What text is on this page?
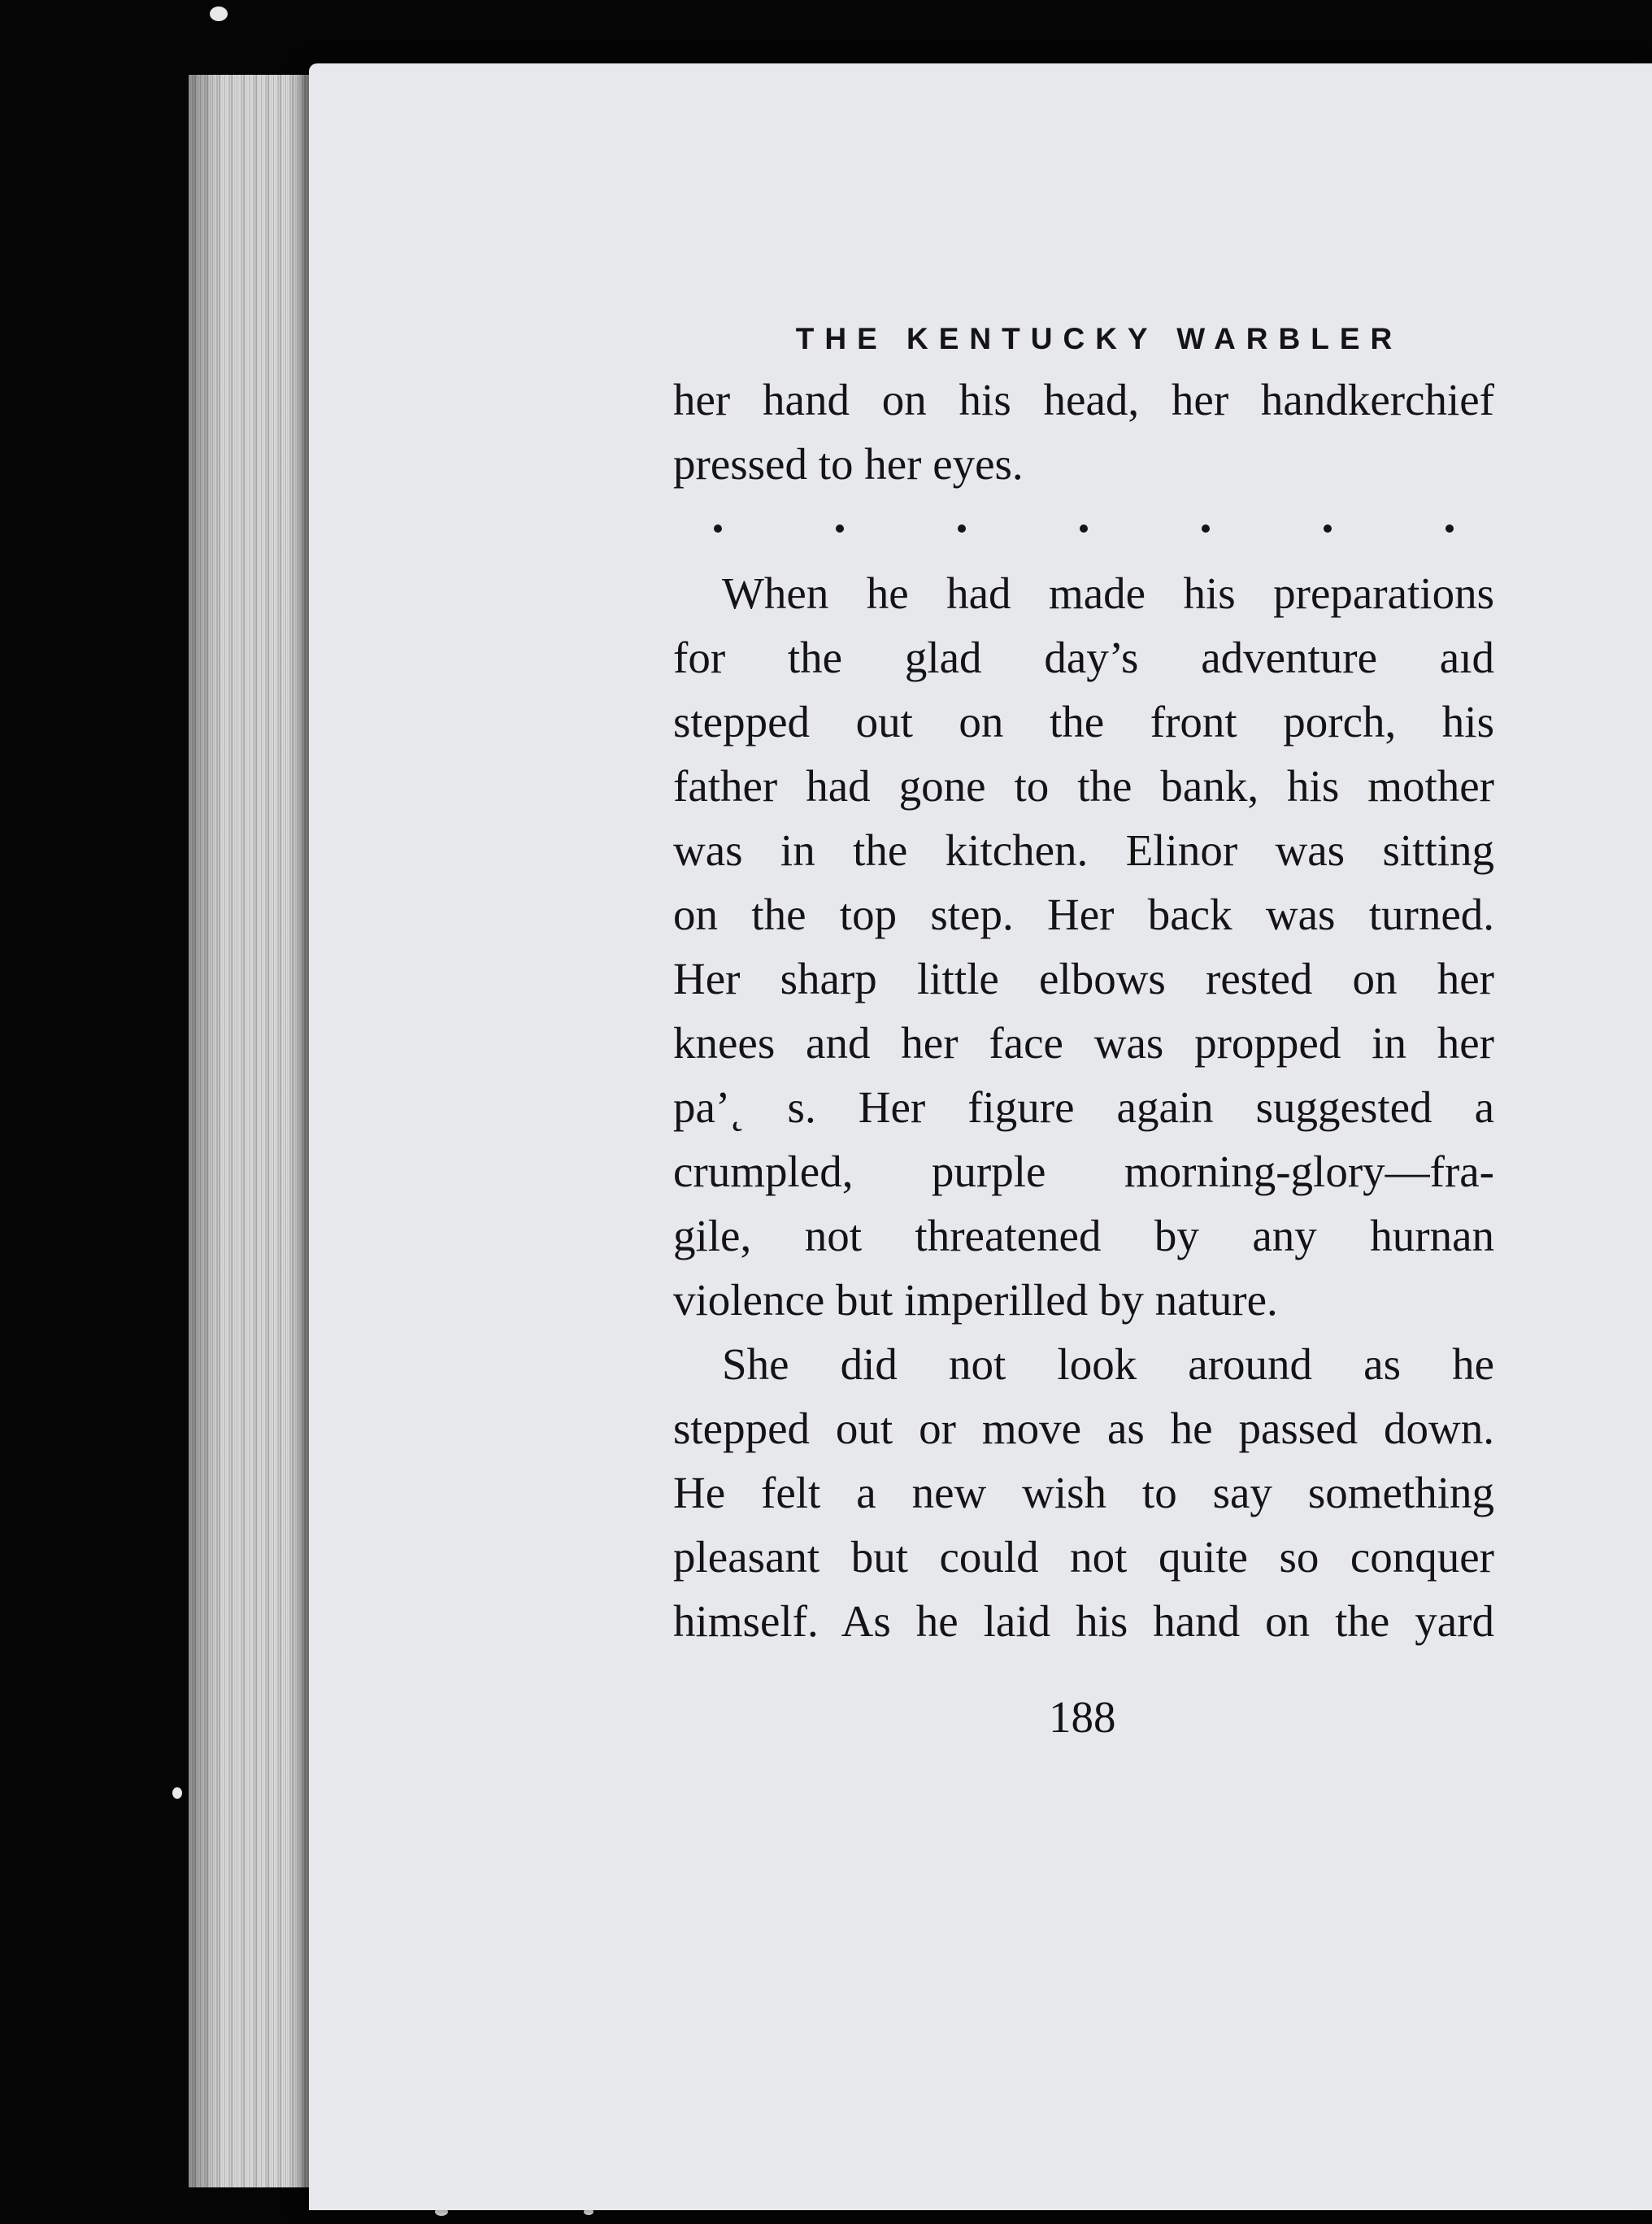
THE KENTUCKY WARBLER

her hand on his head, her handkerchief
pressed to her eyes.

When he had made his preparations
for the glad day’s adventure aıd
stepped out on the front porch, his
father had gone to the bank, his mother
was in the kitchen. Elinor was sitting
on the top step. Her back was turned.
Her sharp little elbows rested on her
knees and her face was propped in her
pa’˛ s. Her figure again suggested a
crumpled, purple morning-glory—fra-
gile, not threatened by any hurnan
violence but imperilled by nature.

She did not look around as he
stepped out or move as he passed down.
He felt a new wish to say something
pleasant but could not quite so conquer
himself. As he laid his hand on the yard

188
